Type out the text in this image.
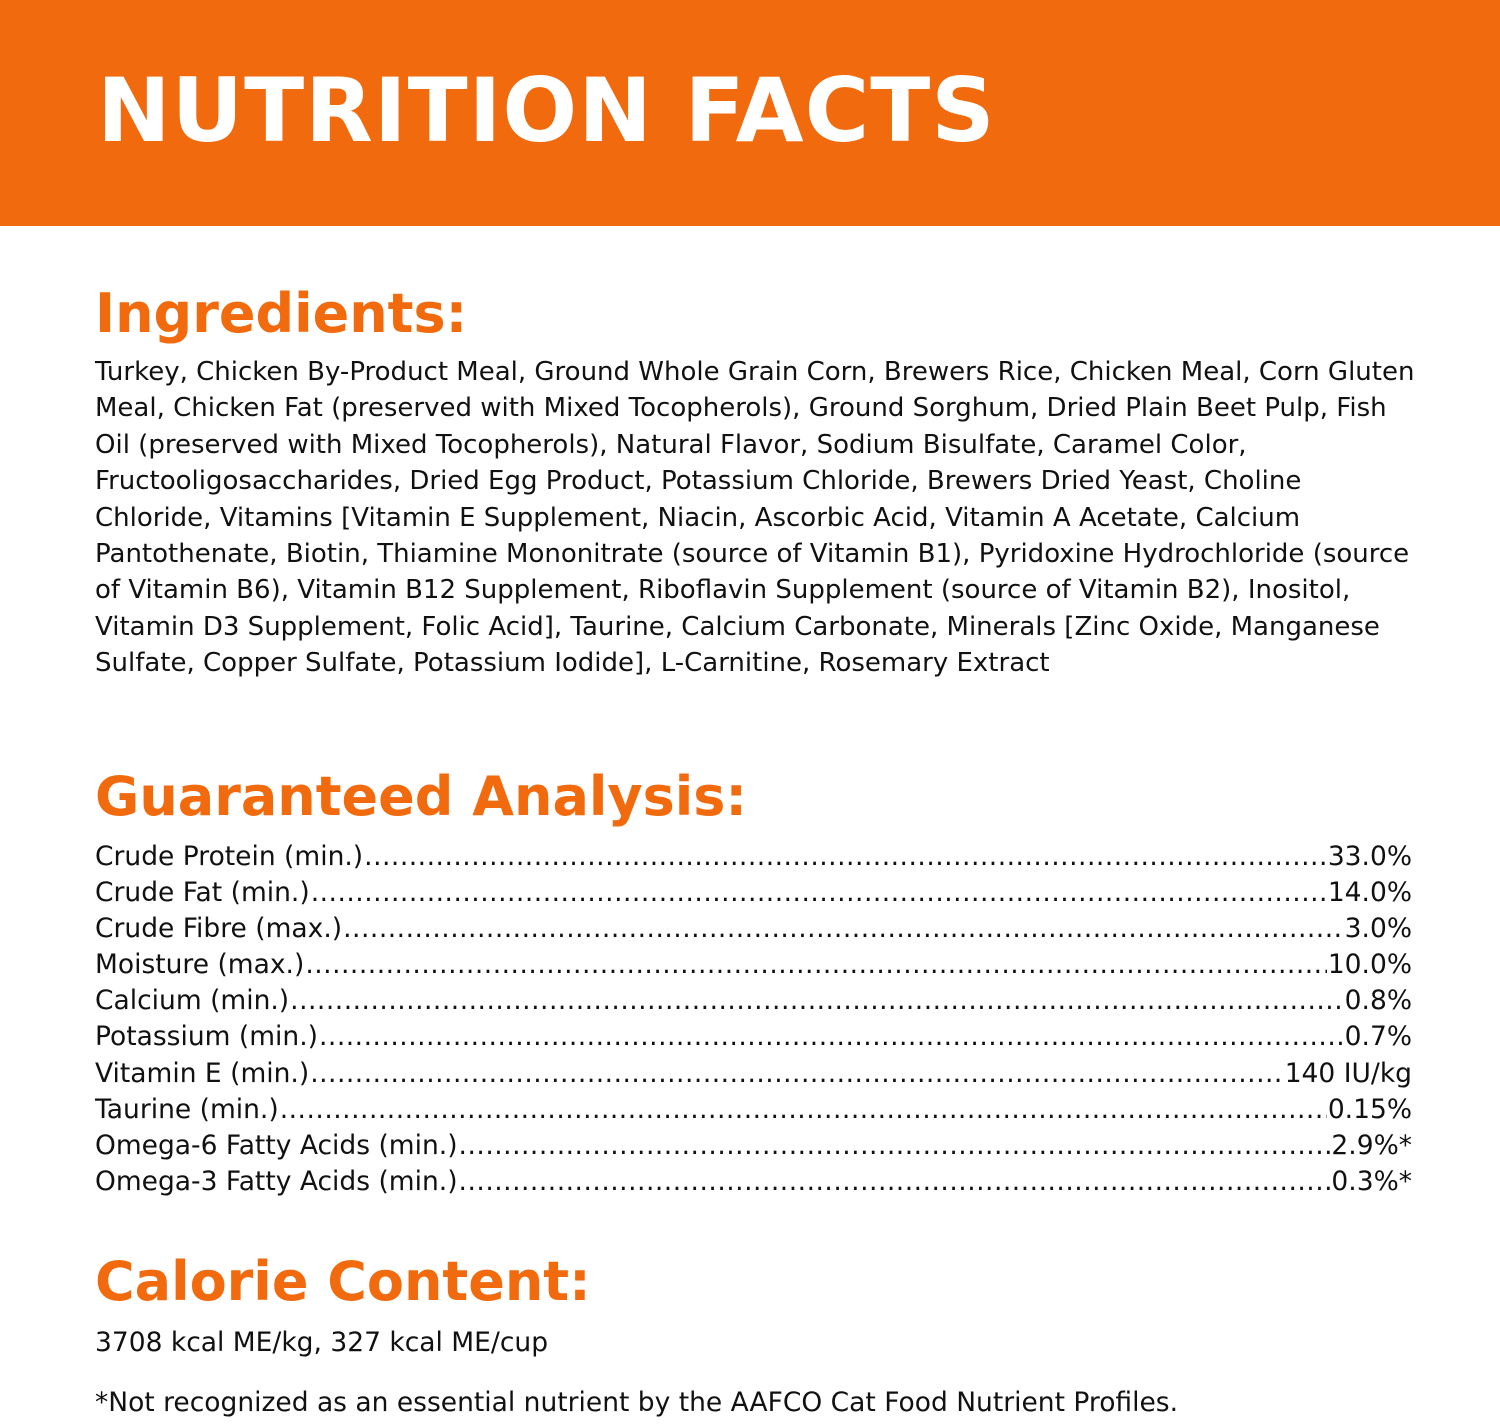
NUTRITION FACTS
Ingredients:

Turkey, Chicken By-Product Meal, Ground Whole Grain Corn, Brewers Rice, Chicken Meal, Corn Gluten Meal, Chicken Fat (preserved with Mixed Tocopherols), Ground Sorghum, Dried Plain Beet Pulp, Fish Oil (preserved with Mixed Tocopherols), Natural Flavor, Sodium Bisulfate, Caramel Color, Fructooligosaccharides, Dried Egg Product, Potassium Chloride, Brewers Dried Yeast, Choline Chloride, Vitamins [Vitamin E Supplement, Niacin, Ascorbic Acid, Vitamin A Acetate, Calcium Pantothenate, Biotin, Thiamine Mononitrate (source of Vitamin B1), Pyridoxine Hydrochloride (source of Vitamin B6), Vitamin B12 Supplement, Riboflavin Supplement (source of Vitamin B2), Inositol, Vitamin D3 Supplement, Folic Acid], Taurine, Calcium Carbonate, Minerals [Zinc Oxide, Manganese Sulfate, Copper Sulfate, Potassium Iodide], L-Carnitine, Rosemary Extract

Guaranteed Analysis:
Crude Protein (min.) .....	33.0%
Crude Fat (min.) .....	14.0%
Crude Fibre (max.) .....	3.0%
Moisture (max.) .....	10.0%
Calcium (min.) .....	0.8%
Potassium (min.) .....	0.7%
Vitamin E (min.) .....	140 IU/kg
Taurine (min.) .....	0.15%
Omega-6 Fatty Acids (min.) .....	2.9%*
Omega-3 Fatty Acids (min.) .....	0.3%*
Calorie Content:

3708 kcal ME/kg, 327 kcal ME/cup

*Not recognized as an essential nutrient by the AAFCO Cat Food Nutrient Profiles.
